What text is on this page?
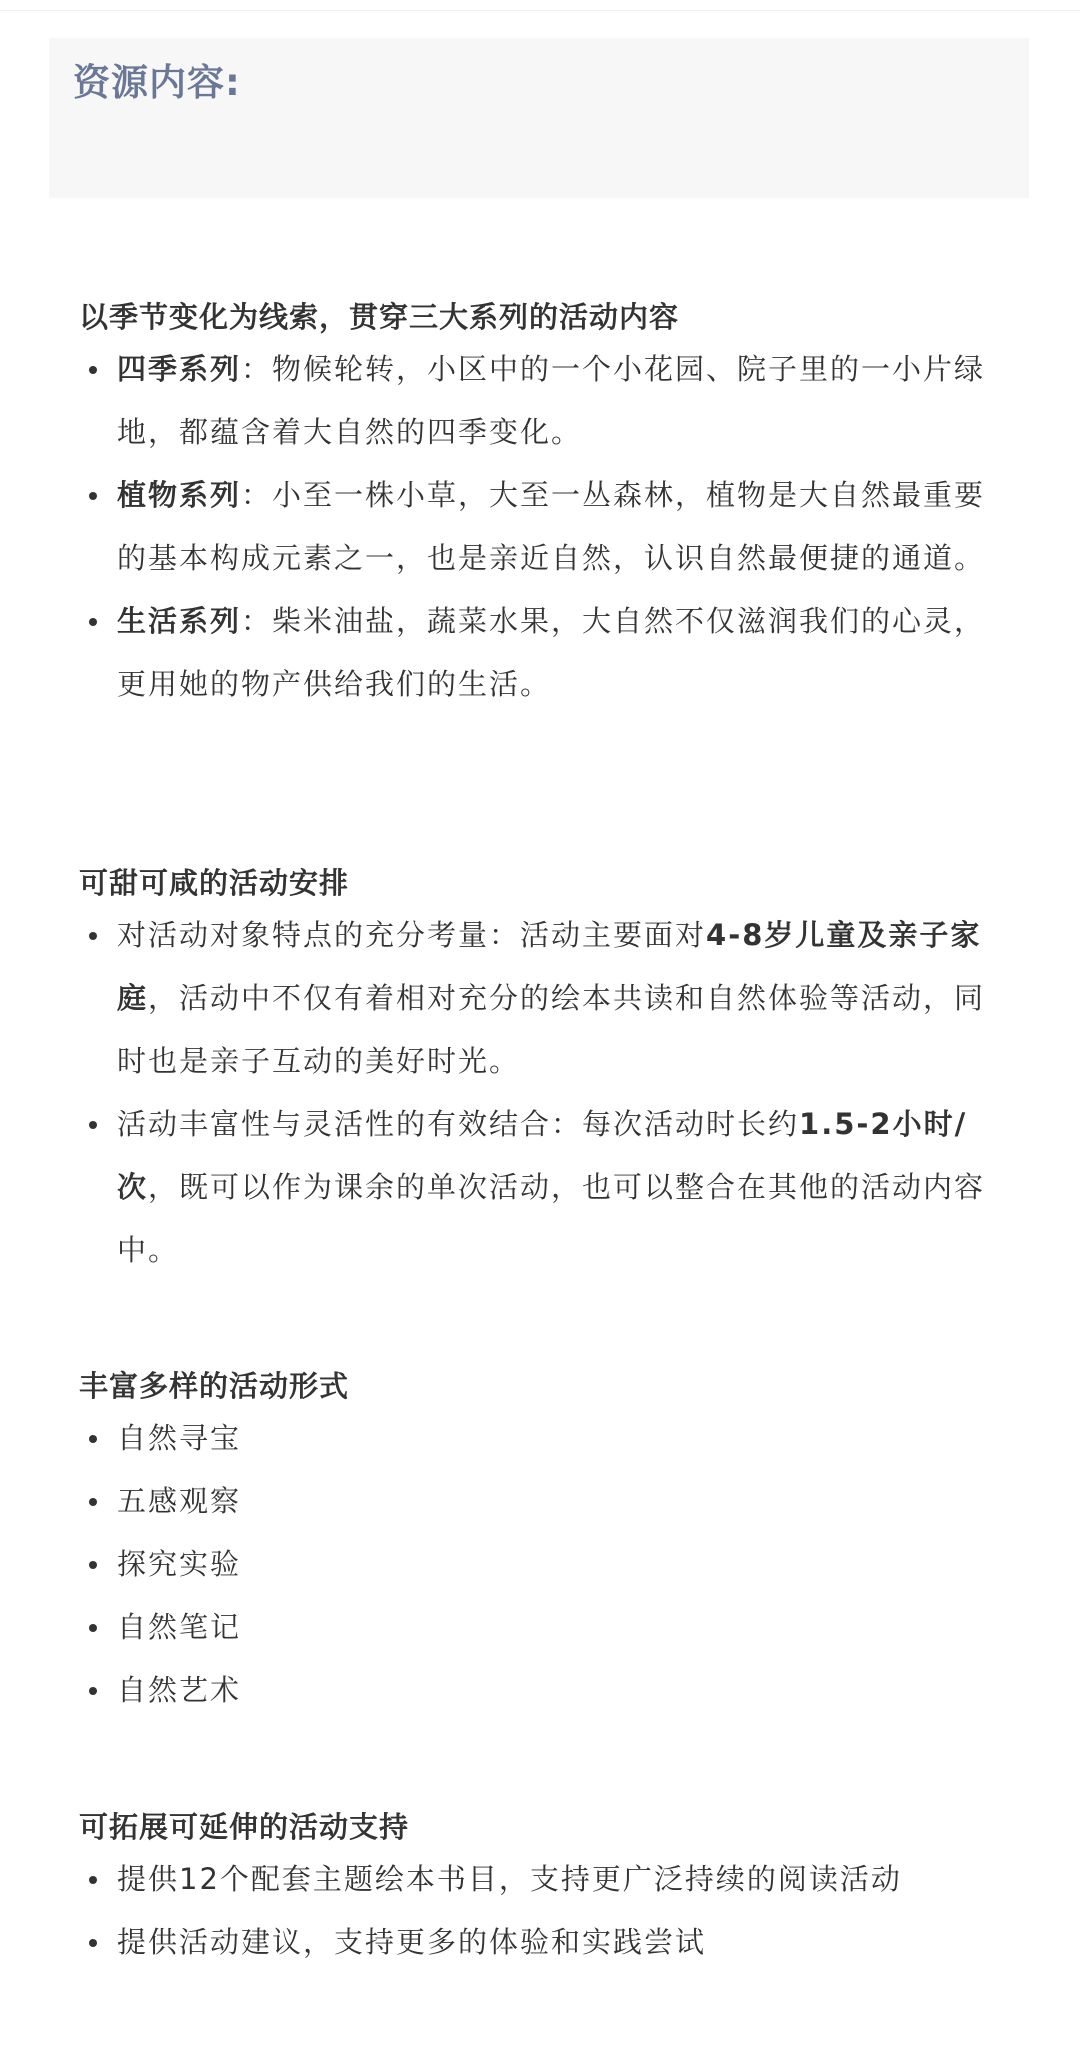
资源内容:
以季节变化为线索，贯穿三大系列的活动内容
四季系列：物候轮转，小区中的一个小花园、院子里的一小片绿地，都蕴含着大自然的四季变化。
植物系列：小至一株小草，大至一丛森林，植物是大自然最重要的基本构成元素之一，也是亲近自然，认识自然最便捷的通道。
生活系列：柴米油盐，蔬菜水果，大自然不仅滋润我们的心灵，更用她的物产供给我们的生活。
可甜可咸的活动安排
对活动对象特点的充分考量：活动主要面对4-8岁儿童及亲子家庭，活动中不仅有着相对充分的绘本共读和自然体验等活动，同时也是亲子互动的美好时光。
活动丰富性与灵活性的有效结合：每次活动时长约1.5-2小时/次，既可以作为课余的单次活动，也可以整合在其他的活动内容中。
丰富多样的活动形式
自然寻宝
五感观察
探究实验
自然笔记
自然艺术
可拓展可延伸的活动支持
提供12个配套主题绘本书目，支持更广泛持续的阅读活动
提供活动建议，支持更多的体验和实践尝试
